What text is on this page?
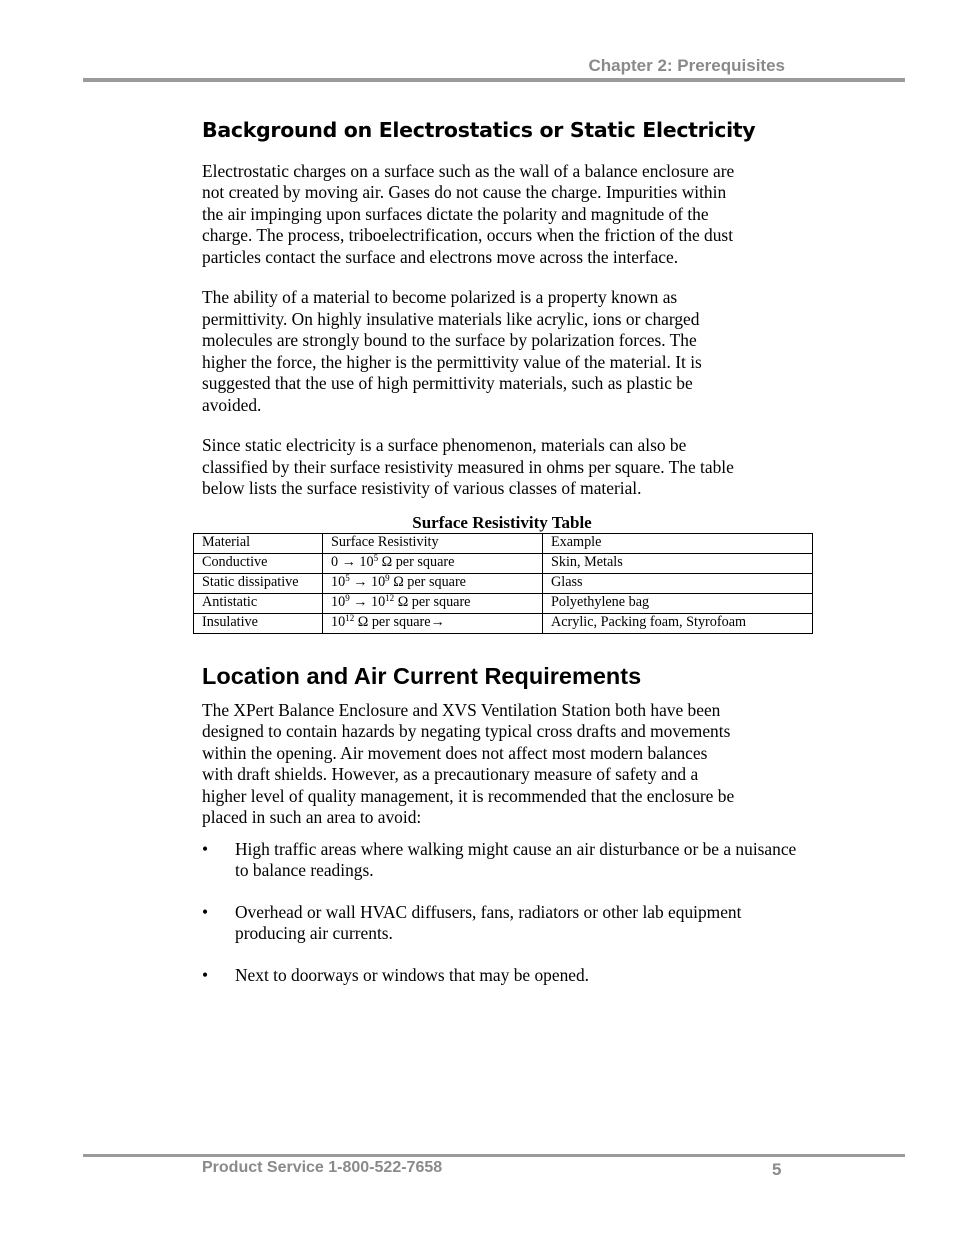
Chapter 2: Prerequisites
Background on Electrostatics or Static Electricity

Electrostatic charges on a surface such as the wall of a balance enclosure are
not created by moving air. Gases do not cause the charge. Impurities within
the air impinging upon surfaces dictate the polarity and magnitude of the
charge. The process, triboelectrification, occurs when the friction of the dust
particles contact the surface and electrons move across the interface.

The ability of a material to become polarized is a property known as
permittivity. On highly insulative materials like acrylic, ions or charged
molecules are strongly bound to the surface by polarization forces. The
higher the force, the higher is the permittivity value of the material. It is
suggested that the use of high permittivity materials, such as plastic be
avoided.

Since static electricity is a surface phenomenon, materials can also be
classified by their surface resistivity measured in ohms per square. The table
below lists the surface resistivity of various classes of material.

Surface Resistivity Table
Material	Surface Resistivity	Example
Conductive	$0 \to 10^5$ Ω per square	Skin, Metals
Static dissipative	$10^5 \to 10^9$ Ω per square	Glass
Antistatic	$10^9 \to 10^{12}$ Ω per square	Polyethylene bag
Insulative	$10^{12}$ Ω per square→	Acrylic, Packing foam, Styrofoam
Location and Air Current Requirements

The XPert Balance Enclosure and XVS Ventilation Station both have been
designed to contain hazards by negating typical cross drafts and movements
within the opening. Air movement does not affect most modern balances
with draft shields. However, as a precautionary measure of safety and a
higher level of quality management, it is recommended that the enclosure be
placed in such an area to avoid:

• High traffic areas where walking might cause an air disturbance or be a nuisance to balance readings.
• Overhead or wall HVAC diffusers, fans, radiators or other lab equipment producing air currents.
• Next to doorways or windows that may be opened.
Product Service 1-800-522-7658	5
